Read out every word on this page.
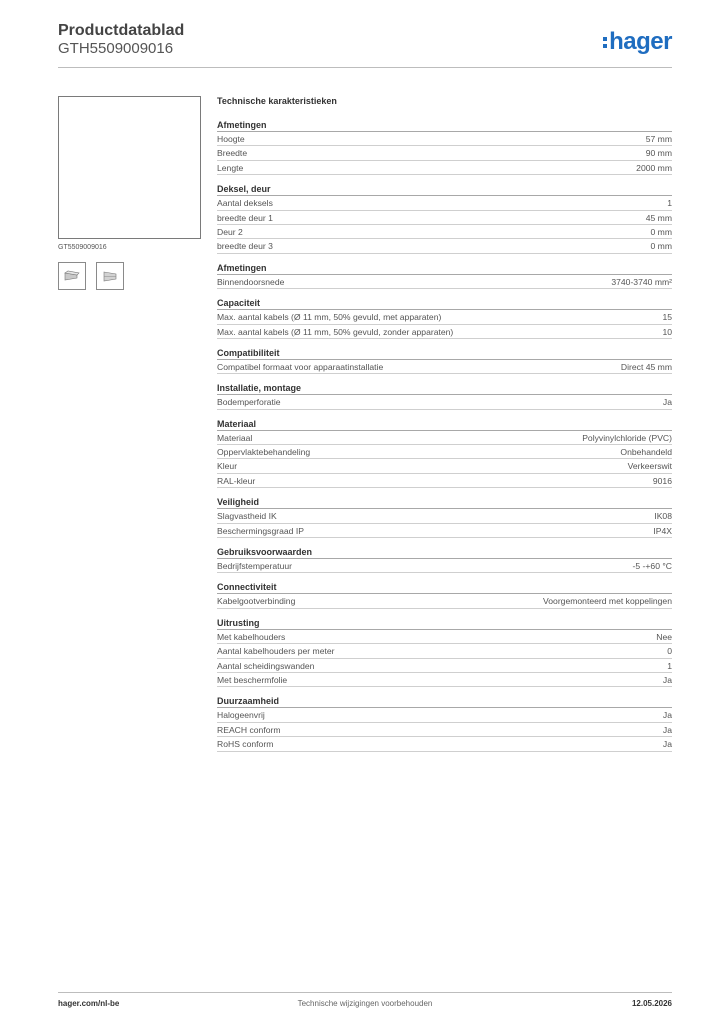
Productdatablad
GTH5509009016	hager
GT5509009016
Technische karakteristieken
Afmetingen
Hoogte	57 mm
Breedte	90 mm
Lengte	2000 mm
Deksel, deur
Aantal deksels	1
breedte deur 1	45 mm
Deur 2	0 mm
breedte deur 3	0 mm
Afmetingen
Binnendoorsnede	3740-3740 mm²
Capaciteit
Max. aantal kabels (Ø 11 mm, 50% gevuld, met apparaten)	15
Max. aantal kabels (Ø 11 mm, 50% gevuld, zonder apparaten)	10
Compatibiliteit
Compatibel formaat voor apparaatinstallatie	Direct 45 mm
Installatie, montage
Bodemperforatie	Ja
Materiaal
Materiaal	Polyvinylchloride (PVC)
Oppervlaktebehandeling	Onbehandeld
Kleur	Verkeerswit
RAL-kleur	9016
Veiligheid
Slagvastheid IK	IK08
Beschermingsgraad IP	IP4X
Gebruiksvoorwaarden
Bedrijfstemperatuur	-5 -+60 °C
Connectiviteit
Kabelgootverbinding	Voorgemonteerd met koppelingen
Uitrusting
Met kabelhouders	Nee
Aantal kabelhouders per meter	0
Aantal scheidingswanden	1
Met beschermfolie	Ja
Duurzaamheid
Halogeenvrij	Ja
REACH conform	Ja
RoHS conform	Ja
hager.com/nl-be	Technische wijzigingen voorbehouden	12.05.2026
